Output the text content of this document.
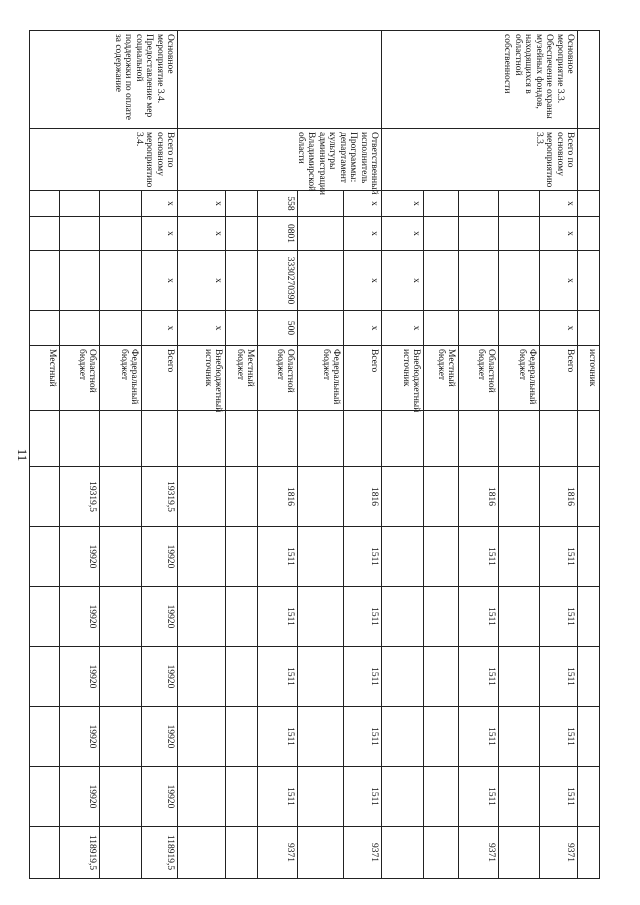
11
						источник								
Основное мероприятие 3.3. Обеспечение охраны музейных фондов, находящихся в областной собственности	Всего по основному мероприятию 3.3.	х	х	х	х	Всего		1816	1511	1511	1511	1511	1511	9371
						Федеральный бюджет								
						Областной бюджет		1816	1511	1511	1511	1511	1511	9371
						Местный бюджет								
		х	х	х	х	Внебюджетный источник								
	Ответственный исполнитель Программы: департамент культуры администрации Владимирской области	х	х	х	х	Всего		1816	1511	1511	1511	1511	1511	9371
						Федеральный бюджет								
		558	0801	3330270390	500	Областной бюджет		1816	1511	1511	1511	1511	1511	9371
						Местный бюджет								
		х	х	х	х	Внебюджетный источник								
Основное мероприятие 3.4. Предоставление мер социальной поддержки по оплате за содержание	Всего по основному мероприятию 3.4.	х	х	х	х	Всего		19319,5	19920	19920	19920	19920	19920	118919,5
						Федеральный бюджет								
						Областной бюджет		19319,5	19920	19920	19920	19920	19920	118919,5
						Местный								
